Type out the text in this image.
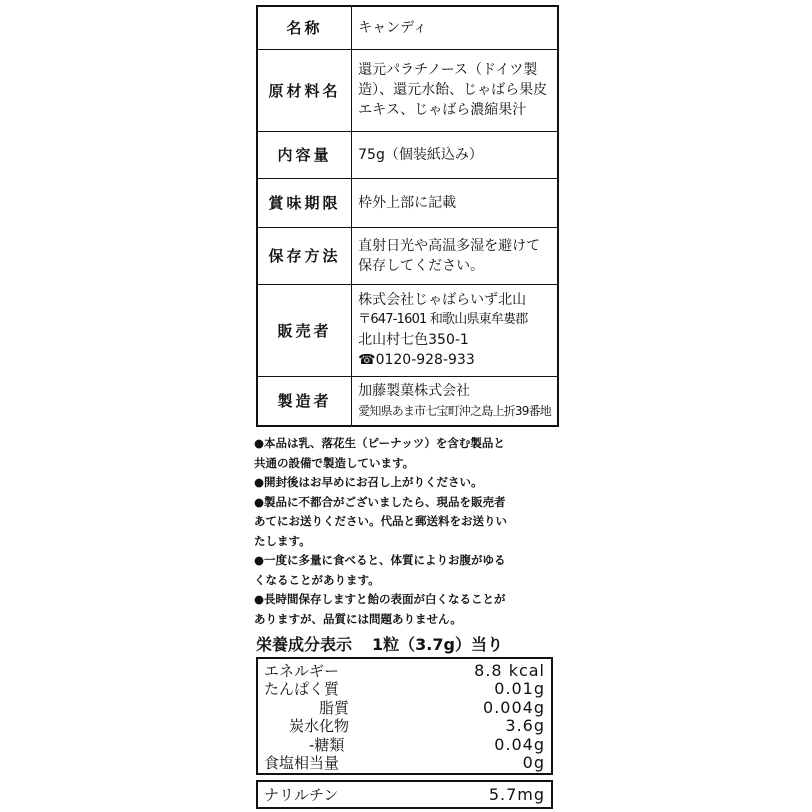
名称	キャンディ

原材料名	還元パラチノース（ドイツ製
造）、還元水飴、じゃばら果皮
エキス、じゃばら濃縮果汁

内容量	75g（個装紙込み）

賞味期限	枠外上部に記載

保存方法	直射日光や高温多湿を避けて
保存してください。

販売者	株式会社じゃばらいず北山
〒647-1601 和歌山県東牟婁郡
北山村七色350-1
☎0120-928-933

製造者	加藤製菓株式会社
愛知県あま市七宝町沖之島上折39番地
●本品は乳、落花生（ピーナッツ）を含む製品と
共通の設備で製造しています。
●開封後はお早めにお召し上がりください。
●製品に不都合がございましたら、現品を販売者
あてにお送りください。代品と郵送料をお送りい
たします。
●一度に多量に食べると、体質によりお腹がゆる
くなることがあります。
●長時間保存しますと飴の表面が白くなることが
ありますが、品質には問題ありません。
栄養成分表示 1粒（3.7g）当り
エネルギー	8.8 kcal
たんぱく質	0.01g
脂質	0.004g
炭水化物	3.6g
-糖類	0.04g
食塩相当量	0g
ナリルチン	5.7mg
